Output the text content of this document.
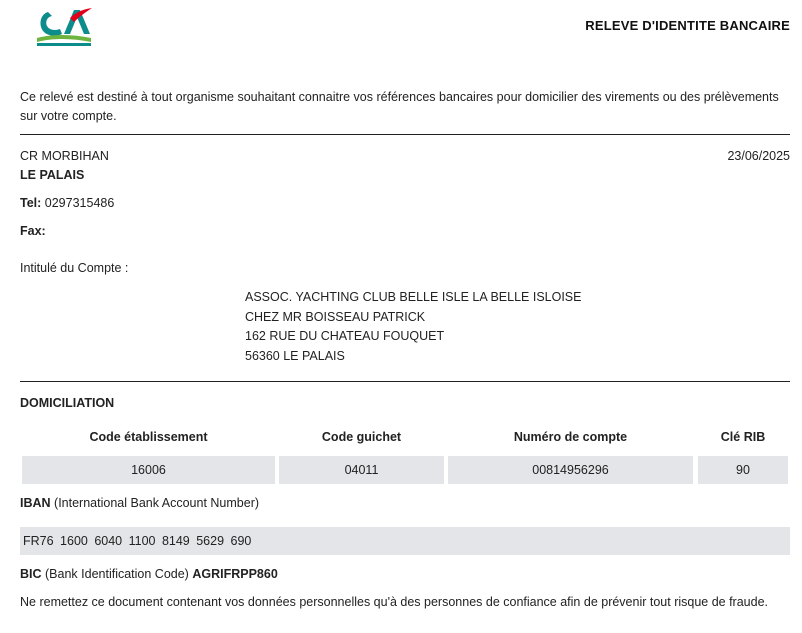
RELEVE D'IDENTITE BANCAIRE
Ce relevé est destiné à tout organisme souhaitant connaitre vos références bancaires pour domicilier des virements ou des prélèvements sur votre compte.
CR MORBIHAN
LE PALAIS
23/06/2025
Tel: 0297315486
Fax:
Intitulé du Compte :
ASSOC. YACHTING CLUB BELLE ISLE LA BELLE ISLOISE
CHEZ MR BOISSEAU PATRICK
162 RUE DU CHATEAU FOUQUET
56360 LE PALAIS
DOMICILIATION
Code établissement	Code guichet	Numéro de compte	Clé RIB
16006	04011	00814956296	90
IBAN (International Bank Account Number)
FR76 1600 6040 1100 8149 5629 690
BIC (Bank Identification Code) AGRIFRPP860
Ne remettez ce document contenant vos données personnelles qu'à des personnes de confiance afin de prévenir tout risque de fraude.
